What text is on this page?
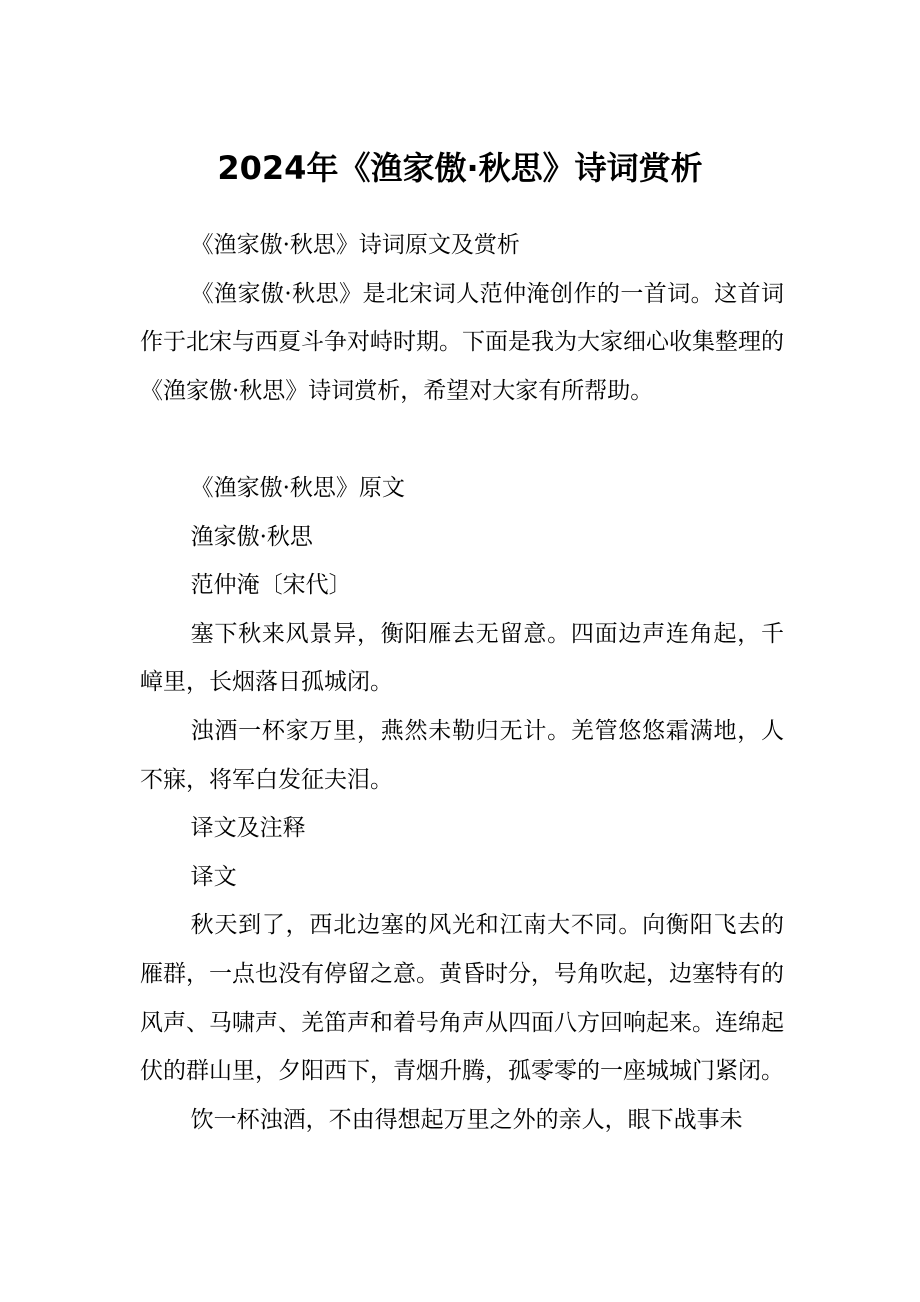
2024年《渔家傲·秋思》诗词赏析

《渔家傲·秋思》诗词原文及赏析

《渔家傲·秋思》是北宋词人范仲淹创作的一首词。这首词作于北宋与西夏斗争对峙时期。下面是我为大家细心收集整理的《渔家傲·秋思》诗词赏析，希望对大家有所帮助。

《渔家傲·秋思》原文

渔家傲·秋思

范仲淹〔宋代〕

塞下秋来风景异，衡阳雁去无留意。四面边声连角起，千嶂里，长烟落日孤城闭。

浊酒一杯家万里，燕然未勒归无计。羌管悠悠霜满地，人不寐，将军白发征夫泪。

译文及注释

译文

秋天到了，西北边塞的风光和江南大不同。向衡阳飞去的雁群，一点也没有停留之意。黄昏时分，号角吹起，边塞特有的风声、马啸声、羌笛声和着号角声从四面八方回响起来。连绵起伏的群山里，夕阳西下，青烟升腾，孤零零的一座城城门紧闭。

饮一杯浊酒，不由得想起万里之外的亲人，眼下战事未
